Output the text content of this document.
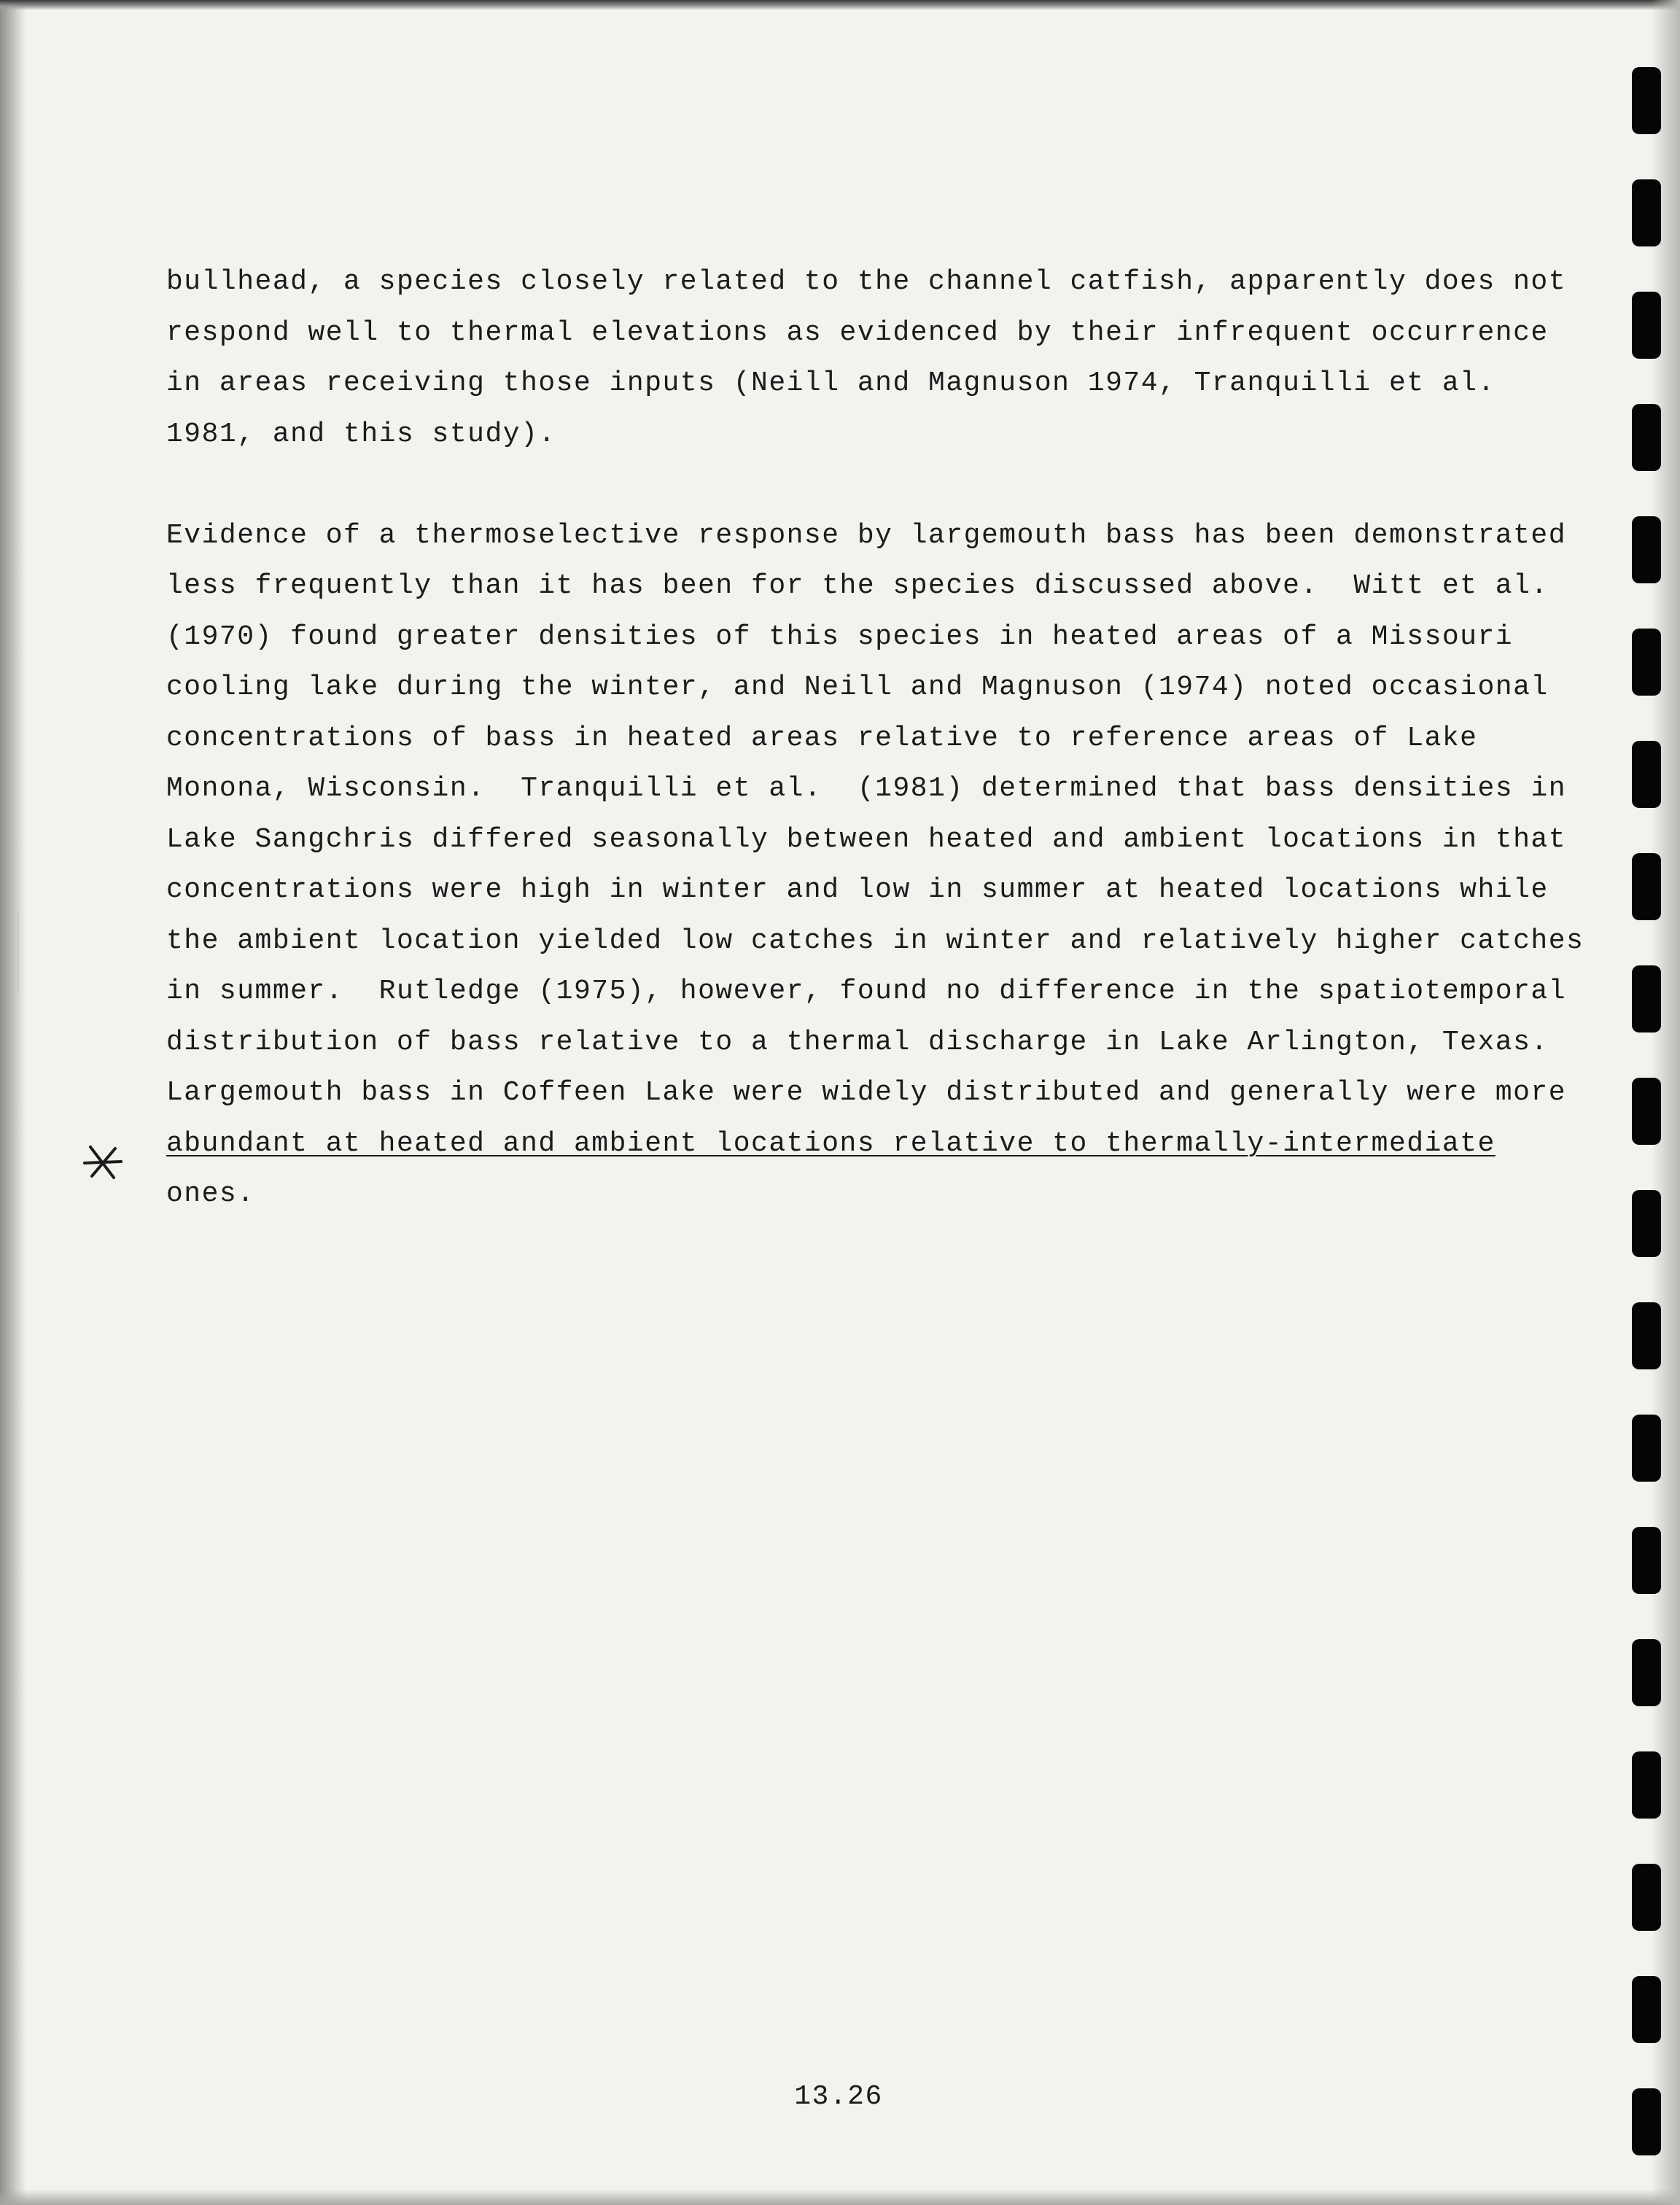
bullhead, a species closely related to the channel catfish, apparently does not
respond well to thermal elevations as evidenced by their infrequent occurrence
in areas receiving those inputs (Neill and Magnuson 1974, Tranquilli et al.
1981, and this study).
Evidence of a thermoselective response by largemouth bass has been demonstrated
less frequently than it has been for the species discussed above.  Witt et al.
(1970) found greater densities of this species in heated areas of a Missouri
cooling lake during the winter, and Neill and Magnuson (1974) noted occasional
concentrations of bass in heated areas relative to reference areas of Lake
Monona, Wisconsin.  Tranquilli et al.  (1981) determined that bass densities in
Lake Sangchris differed seasonally between heated and ambient locations in that
concentrations were high in winter and low in summer at heated locations while
the ambient location yielded low catches in winter and relatively higher catches
in summer.  Rutledge (1975), however, found no difference in the spatiotemporal
distribution of bass relative to a thermal discharge in Lake Arlington, Texas.
Largemouth bass in Coffeen Lake were widely distributed and generally were more
abundant at heated and ambient locations relative to thermally-intermediate
ones.
13.26
